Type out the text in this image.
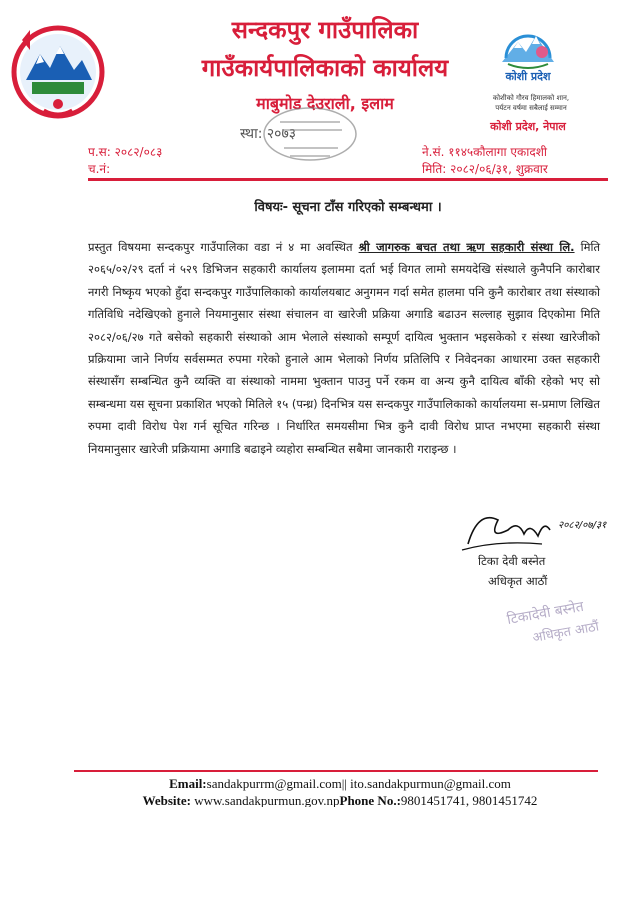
सन्दकपुर गाउँपालिका
गाउँकार्यपालिकाको कार्यालय
माबुमोड देउराली, इलाम
स्था: २०७३
कोशी प्रदेश
कोशीको गौरव हिमालको शान,
पर्यटन वर्षमा सबैलाई सम्मान
कोशी प्रदेश, नेपाल
प.स: २०८२/०८३
च.नं:
ने.सं. ११४५कौलागा एकादशी
मिति: २०८२/०६/३१, शुक्रवार
विषयः- सूचना टाँस गरिएको सम्बन्धमा ।
प्रस्तुत विषयमा सन्दकपुर गाउँपालिका वडा नं ४ मा अवस्थित श्री जागरुक बचत तथा ऋण सहकारी संस्था लि. मिति २०६५/०२/२९ दर्ता नं ५२९ डिभिजन सहकारी कार्यालय इलाममा दर्ता भई विगत लामो समयदेखि संस्थाले कुनैपनि कारोबार नगरी निष्कृय भएको हुँदा सन्दकपुर गाउँपालिकाको कार्यालयबाट अनुगमन गर्दा समेत हालमा पनि कुनै कारोबार तथा संस्थाको गतिविधि नदेखिएको हुनाले नियमानुसार संस्था संचालन वा खारेजी प्रक्रिया अगाडि बढाउन सल्लाह सुझाव दिएकोमा मिति २०८२/०६/२७ गते बसेको सहकारी संस्थाको आम भेलाले संस्थाको सम्पूर्ण दायित्व भुक्तान भइसकेको र संस्था खारेजीको प्रक्रियामा जाने निर्णय सर्वसम्मत रुपमा गरेको हुनाले आम भेलाको निर्णय प्रतिलिपि र निवेदनका आधारमा उक्त सहकारी संस्थासँग सम्बन्धित कुनै व्यक्ति वा संस्थाको नाममा भुक्तान पाउनु पर्ने रकम वा अन्य कुनै दायित्व बाँकी रहेको भए सो सम्बन्धमा यस सूचना प्रकाशित भएको मितिले १५ (पन्ध्र) दिनभित्र यस सन्दकपुर गाउँपालिकाको कार्यालयमा स-प्रमाण लिखित रुपमा दावी विरोध पेश गर्न सूचित गरिन्छ । निर्धारित समयसीमा भित्र कुनै दावी विरोध प्राप्त नभएमा सहकारी संस्था नियमानुसार खारेजी प्रक्रियामा अगाडि बढाइने व्यहोरा सम्बन्धित सबैमा जानकारी गराइन्छ ।
२०८२/०७/३१
टिका देवी बस्नेत
अधिकृत आठौं
टिकादेवी बस्नेत
अधिकृत आठौं
Email:sandakpurrm@gmail.com|| ito.sandakpurmun@gmail.com
Website: www.sandakpurmun.gov.npPhone No.:9801451741, 9801451742
